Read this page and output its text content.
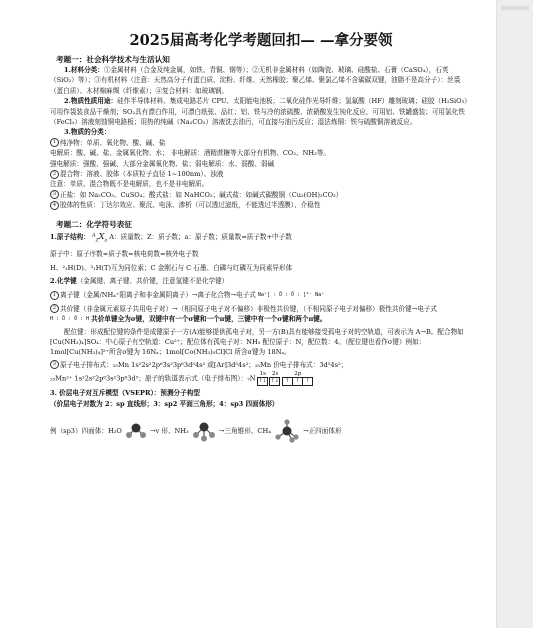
2025届高考化学考题回扣— —拿分要领
考题一：社会科学技术与生活认知
1.材料分类：①金属材料（合金及纯金属，如铁、青铜、钢等）；②无机非金属材料（如陶瓷、玻璃、硅酸盐、石膏（CaSO₄），石英（SiO₂）等）；③有机材料（注意：天然高分子有蛋白质、淀粉、纤维、天然橡胶；聚乙烯、聚氯乙烯不含碳碳双键，油脂不是高分子）：丝裘（蛋白质）、木材棉麻绸（纤维素）；④复合材料：如玻璃钢。
2.物质性质用途：硅作半导体材料、集成电路芯片 CPU、太阳能电池板；二氧化硅作光导纤维；氢氟酸（HF）雕刻玻璃；硅胶（H₂SiO₃）可用作袋装食品干燥剂；SO₂具有漂白作用，可漂白纸张、品红；铝、铁与冷的浓硫酸、浓硝酸发生钝化反应，可用铝、铁罐盛装；可用氯化铁（FeCl₃）溶液刻蚀铜电路板；用热的纯碱（Na₂CO₃）溶液洗去油污，可直接与油污反应；湿法炼铜：铁与硫酸铜溶液反应。
3.物质的分类：
1 纯净物：单质、氧化物、酸、碱、盐
电解质：酸、碱、盐、金属氧化物、水； 非电解质：酒精蔗糖等大部分有机物、CO₂、NH₃等。
强电解质：强酸、强碱、大部分金属氧化物、盐；弱电解质：水、弱酸、弱碱
2 混合物：溶液、胶体（本质粒子直径 1~100nm）、浊液
注意：单质、混合物既不是电解质，也不是非电解质。
3 正盐：如 Na₂CO₃、CuSO₄；酸式盐：如 NaHCO₃；碱式盐：如碱式碳酸铜（Cu₂(OH)₂CO₃）
4 胶体的性质：丁达尔效应、聚沉、电泳、渗析（可以透过滤纸，不能透过半透膜）、介稳性
考题二：化学符号表征
1.原子结构： $ᴬ_ZX_a$ A：质量数；Z：质子数；a：原子数；质量数=质子数+中子数
原子中：原子序数=质子数=核电荷数=核外电子数
H、²₁H(D)、³₁H(T)互为同位素；C 金刚石与 C 石墨、白磷与红磷互为同素异形体
2.化学键（金属键、离子键、共价键，注意氢键不是化学键）
1 离子键（金属/NH₄⁺阳离子和非金属阴离子）→离子化合物→电子式 Na⁺[ : Ö : Ö : ]²⁻ Na⁺
2 共价键（非金属元素原子共用电子对）→（相同原子电子对不偏移）非极性共价键，（不相同原子电子对偏移）极性共价键→电子式 H : Ö : Ö : H 共价单键全为σ键，双键中有一个σ键和一个π键，三键中有一个σ键和两个π键。
配位键：形成配位键的条件是成键原子一方(A)能够提供孤电子对，另一方(B)具有能够接受孤电子对的空轨道，可表示为 A→B。配合物如[Cu(NH₃)₄]SO₄：中心原子有空轨道：Cu²⁺；配位体有孤电子对：NH₃ 配位原子：N，配位数：4。（配位键也看作σ键）例如：1mol[Cu(NH₃)₄]²⁺所含σ键为 16Nₐ；1mol[Co(NH₃)₅Cl]Cl 所含σ键为 18Nₐ。
3 原子电子排布式：₂₅Mn 1s²2s²2p⁶3s²3p⁶3d⁵4s² 或[Ar]3d⁵4s²；₂₅Mn 价电子排布式：3d⁵4s²；
₂₅Mn²⁺ 1s²2s²2p⁶3s²3p⁶3d⁵；原子的轨道表示式（电子排布图）：₇N
1s
↑↓
2s
↑↓
2p
↑	↑	↑
3. 价层电子对互斥模型（VSEPR）：预测分子构型
（价层电子对数为 2：sp 直线形；3：sp2 平面三角形；4：sp3 四面体形）
例（sp3）四面体：H₂O	→v 形、NH₃	→三角锥形、CH₄	→正四面体形
